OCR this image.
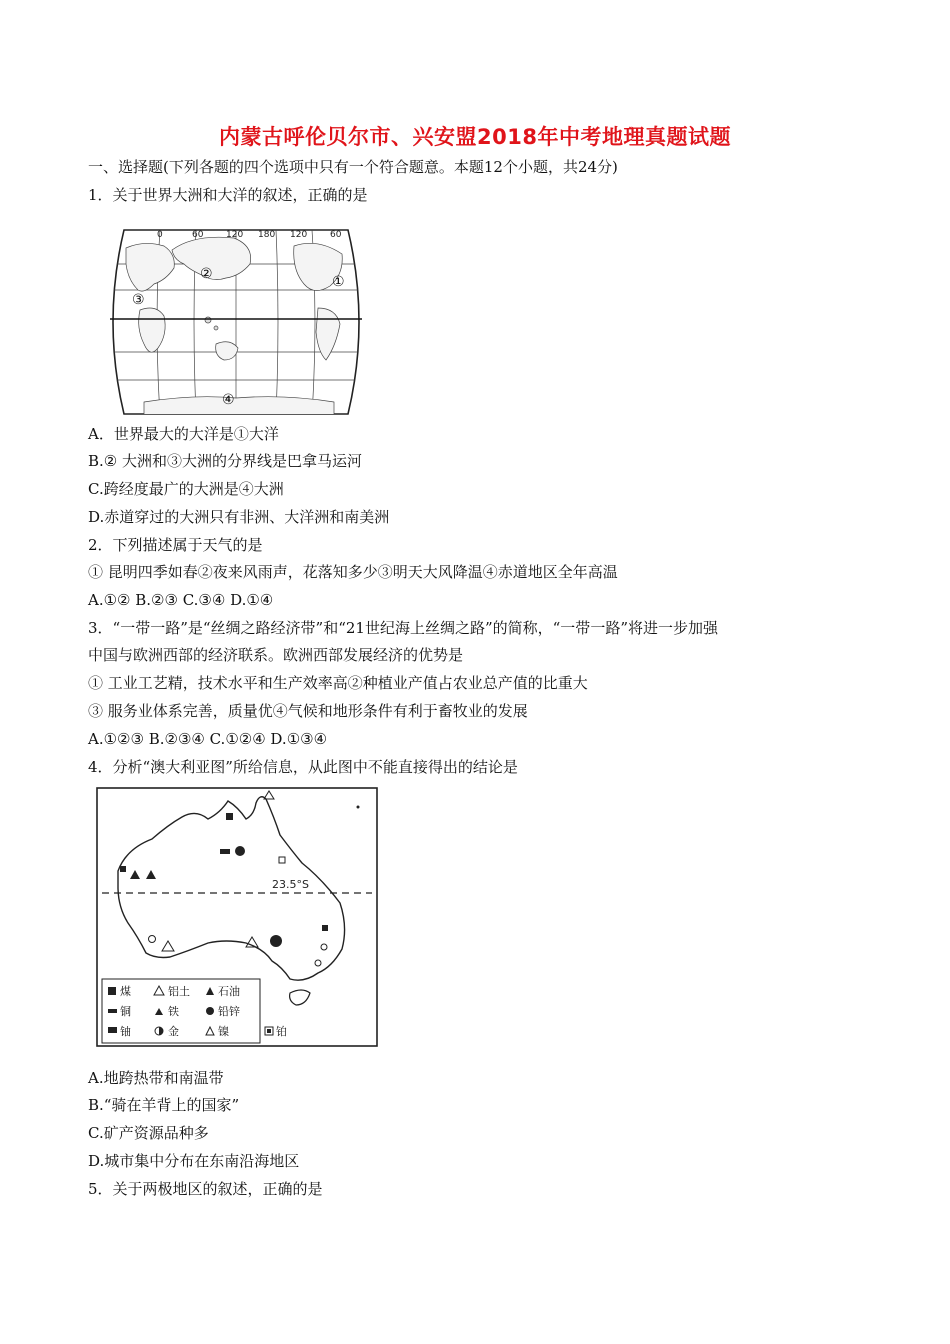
内蒙古呼伦贝尔市、兴安盟2018年中考地理真题试题
一、选择题(下列各题的四个选项中只有一个符合题意。本题12个小题，共24分)
1．关于世界大洲和大洋的叙述，正确的是
0	60	120 180 120	60
①
②
③
④
A．世界最大的大洋是①大洋
B.② 大洲和③大洲的分界线是巴拿马运河
C.跨经度最广的大洲是④大洲
D.赤道穿过的大洲只有非洲、大洋洲和南美洲
2．下列描述属于天气的是
① 昆明四季如春②夜来风雨声，花落知多少③明天大风降温④赤道地区全年高温
A.①② B.②③ C.③④ D.①④
3．“一带一路”是“丝绸之路经济带”和“21世纪海上丝绸之路”的简称，“一带一路”将进一步加强
中国与欧洲西部的经济联系。欧洲西部发展经济的优势是
① 工业工艺精，技术水平和生产效率高②种植业产值占农业总产值的比重大
③ 服务业体系完善，质量优④气候和地形条件有利于畜牧业的发展
A.①②③ B.②③④ C.①②④ D.①③④
4．分析“澳大利亚图”所给信息，从此图中不能直接得出的结论是
23.5°S
煤	铝土	石油
铜	铁	铅锌
铀	金	镍	铂
A.地跨热带和南温带
B.“骑在羊背上的国家”
C.矿产资源品种多
D.城市集中分布在东南沿海地区
5．关于两极地区的叙述，正确的是
